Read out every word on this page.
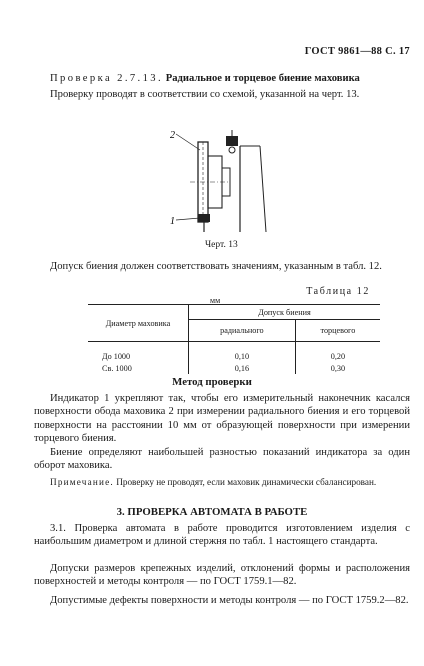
ГОСТ 9861—88 С. 17
Проверка 2.7.13. Радиальное и торцевое биение маховика
Проверку проводят в соответствии со схемой, указанной на черт. 13.
2
1
Черт. 13
Допуск биения должен соответствовать значениям, указанным в табл. 12.
Таблица 12
мм
Диаметр маховика	Допуск биения	
	радиального	торцевого
До 1000	0,10	0,20
Св. 1000	0,16	0,30
Метод проверки
Индикатор 1 укрепляют так, чтобы его измерительный наконечник касался поверхности обода маховика 2 при измерении радиального биения и его торцевой поверхности на расстоянии 10 мм от образующей поверхности при измерении торцевого биения.
Биение определяют наибольшей разностью показаний индикатора за один оборот маховика.
Примечание. Проверку не проводят, если маховик динамически сбалансирован.
3. ПРОВЕРКА АВТОМАТА В РАБОТЕ
3.1. Проверка автомата в работе проводится изготовлением изделия с наибольшим диаметром и длиной стержня по табл. 1 настоящего стандарта.
Допуски размеров крепежных изделий, отклонений формы и расположения поверхностей и методы контроля — по ГОСТ 1759.1—82.
Допустимые дефекты поверхности и методы контроля — по ГОСТ 1759.2—82.
